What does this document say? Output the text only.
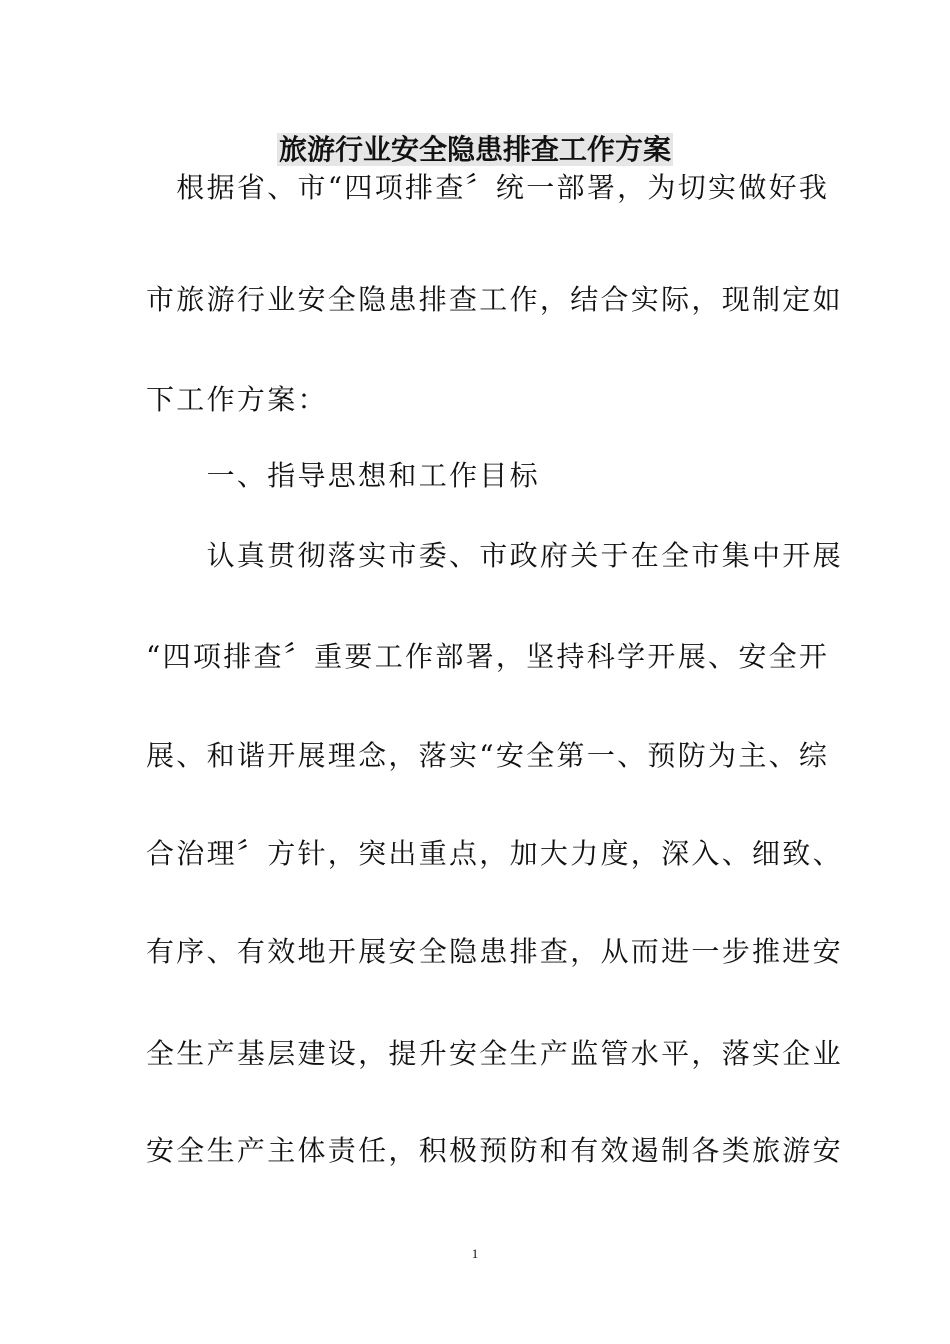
旅游行业安全隐患排查工作方案
　根据省、市“四项排查〞统一部署，为切实做好我
市旅游行业安全隐患排查工作，结合实际，现制定如
下工作方案：
　　一、指导思想和工作目标
　　认真贯彻落实市委、市政府关于在全市集中开展
“四项排查〞重要工作部署，坚持科学开展、安全开
展、和谐开展理念，落实“安全第一、预防为主、综
合治理〞方针，突出重点，加大力度，深入、细致、
有序、有效地开展安全隐患排查，从而进一步推进安
全生产基层建设，提升安全生产监管水平，落实企业
安全生产主体责任，积极预防和有效遏制各类旅游安
1
